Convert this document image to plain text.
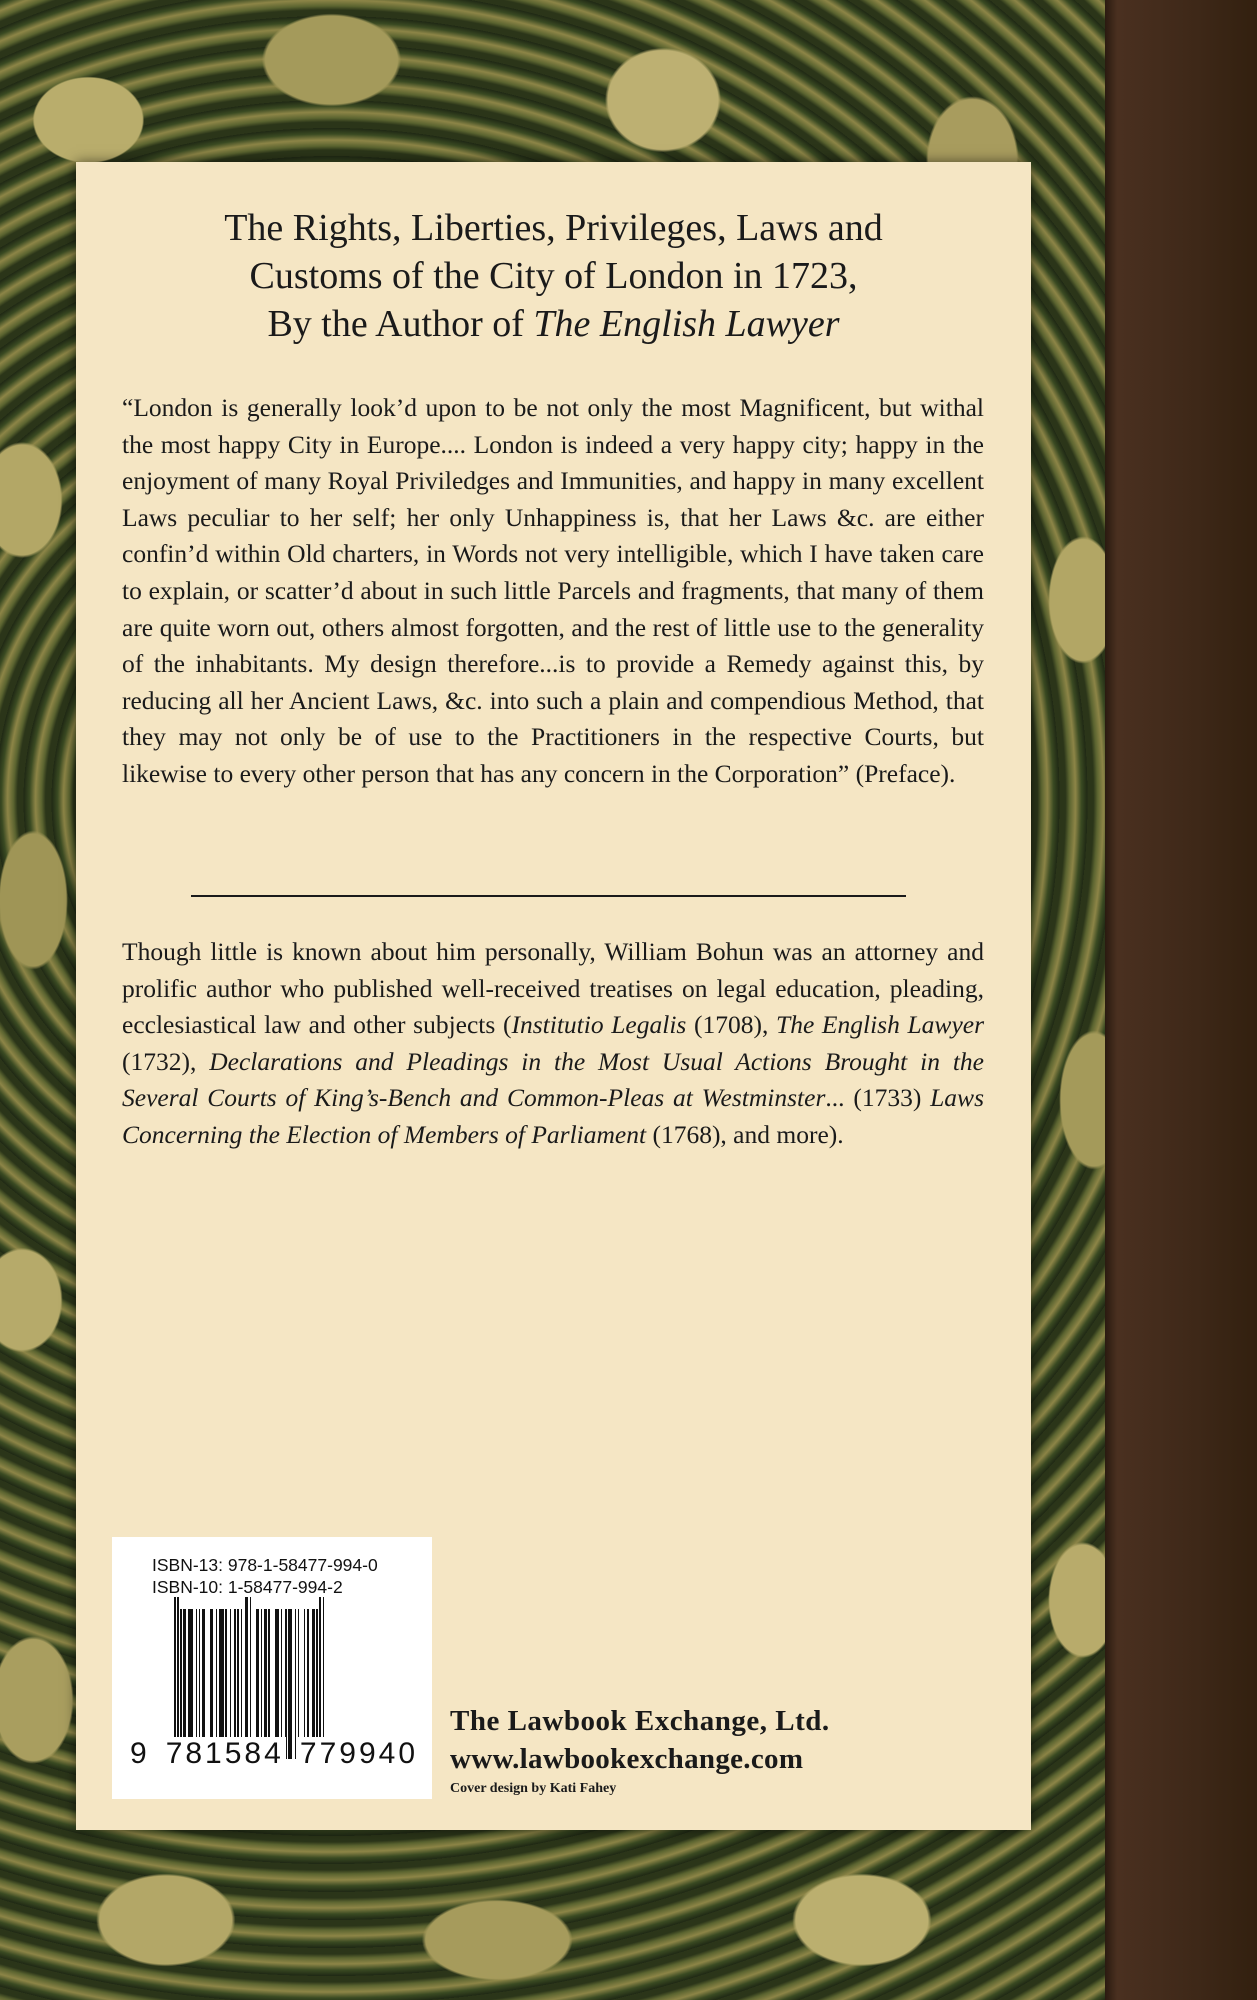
The Rights, Liberties, Privileges, Laws and

Customs of the City of London in 1723,

By the Author of The English Lawyer

“London is generally look’d upon to be not only the most Magnificent, but withal the most happy City in Europe.... London is indeed a very happy city; happy in the enjoyment of many Royal Priviledges and Immunities, and happy in many excellent Laws peculiar to her self; her only Unhappiness is, that her Laws &c. are either confin’d within Old charters, in Words not very intelligible, which I have taken care to explain, or scatter’d about in such little Parcels and fragments, that many of them are quite worn out, others almost forgotten, and the rest of little use to the generality of the inhabitants. My design therefore...is to provide a Remedy against this, by reducing all her Ancient Laws, &c. into such a plain and compendious Method, that they may not only be of use to the Practitioners in the respective Courts, but likewise to every other person that has any concern in the Corporation” (Preface).

Though little is known about him personally, William Bohun was an attorney and prolific author who published well-received treatises on legal education, pleading, ecclesiastical law and other subjects (Institutio Legalis (1708), The English Lawyer (1732), Declarations and Pleadings in the Most Usual Actions Brought in the Several Courts of King’s-Bench and Common-Pleas at Westminster... (1733) Laws Concerning the Election of Members of Parliament (1768), and more).

ISBN-13: 978-1-58477-994-0
ISBN-10: 1-58477-994-2
9 781584 779940
The Lawbook Exchange, Ltd.
www.lawbookexchange.com
Cover design by Kati Fahey
